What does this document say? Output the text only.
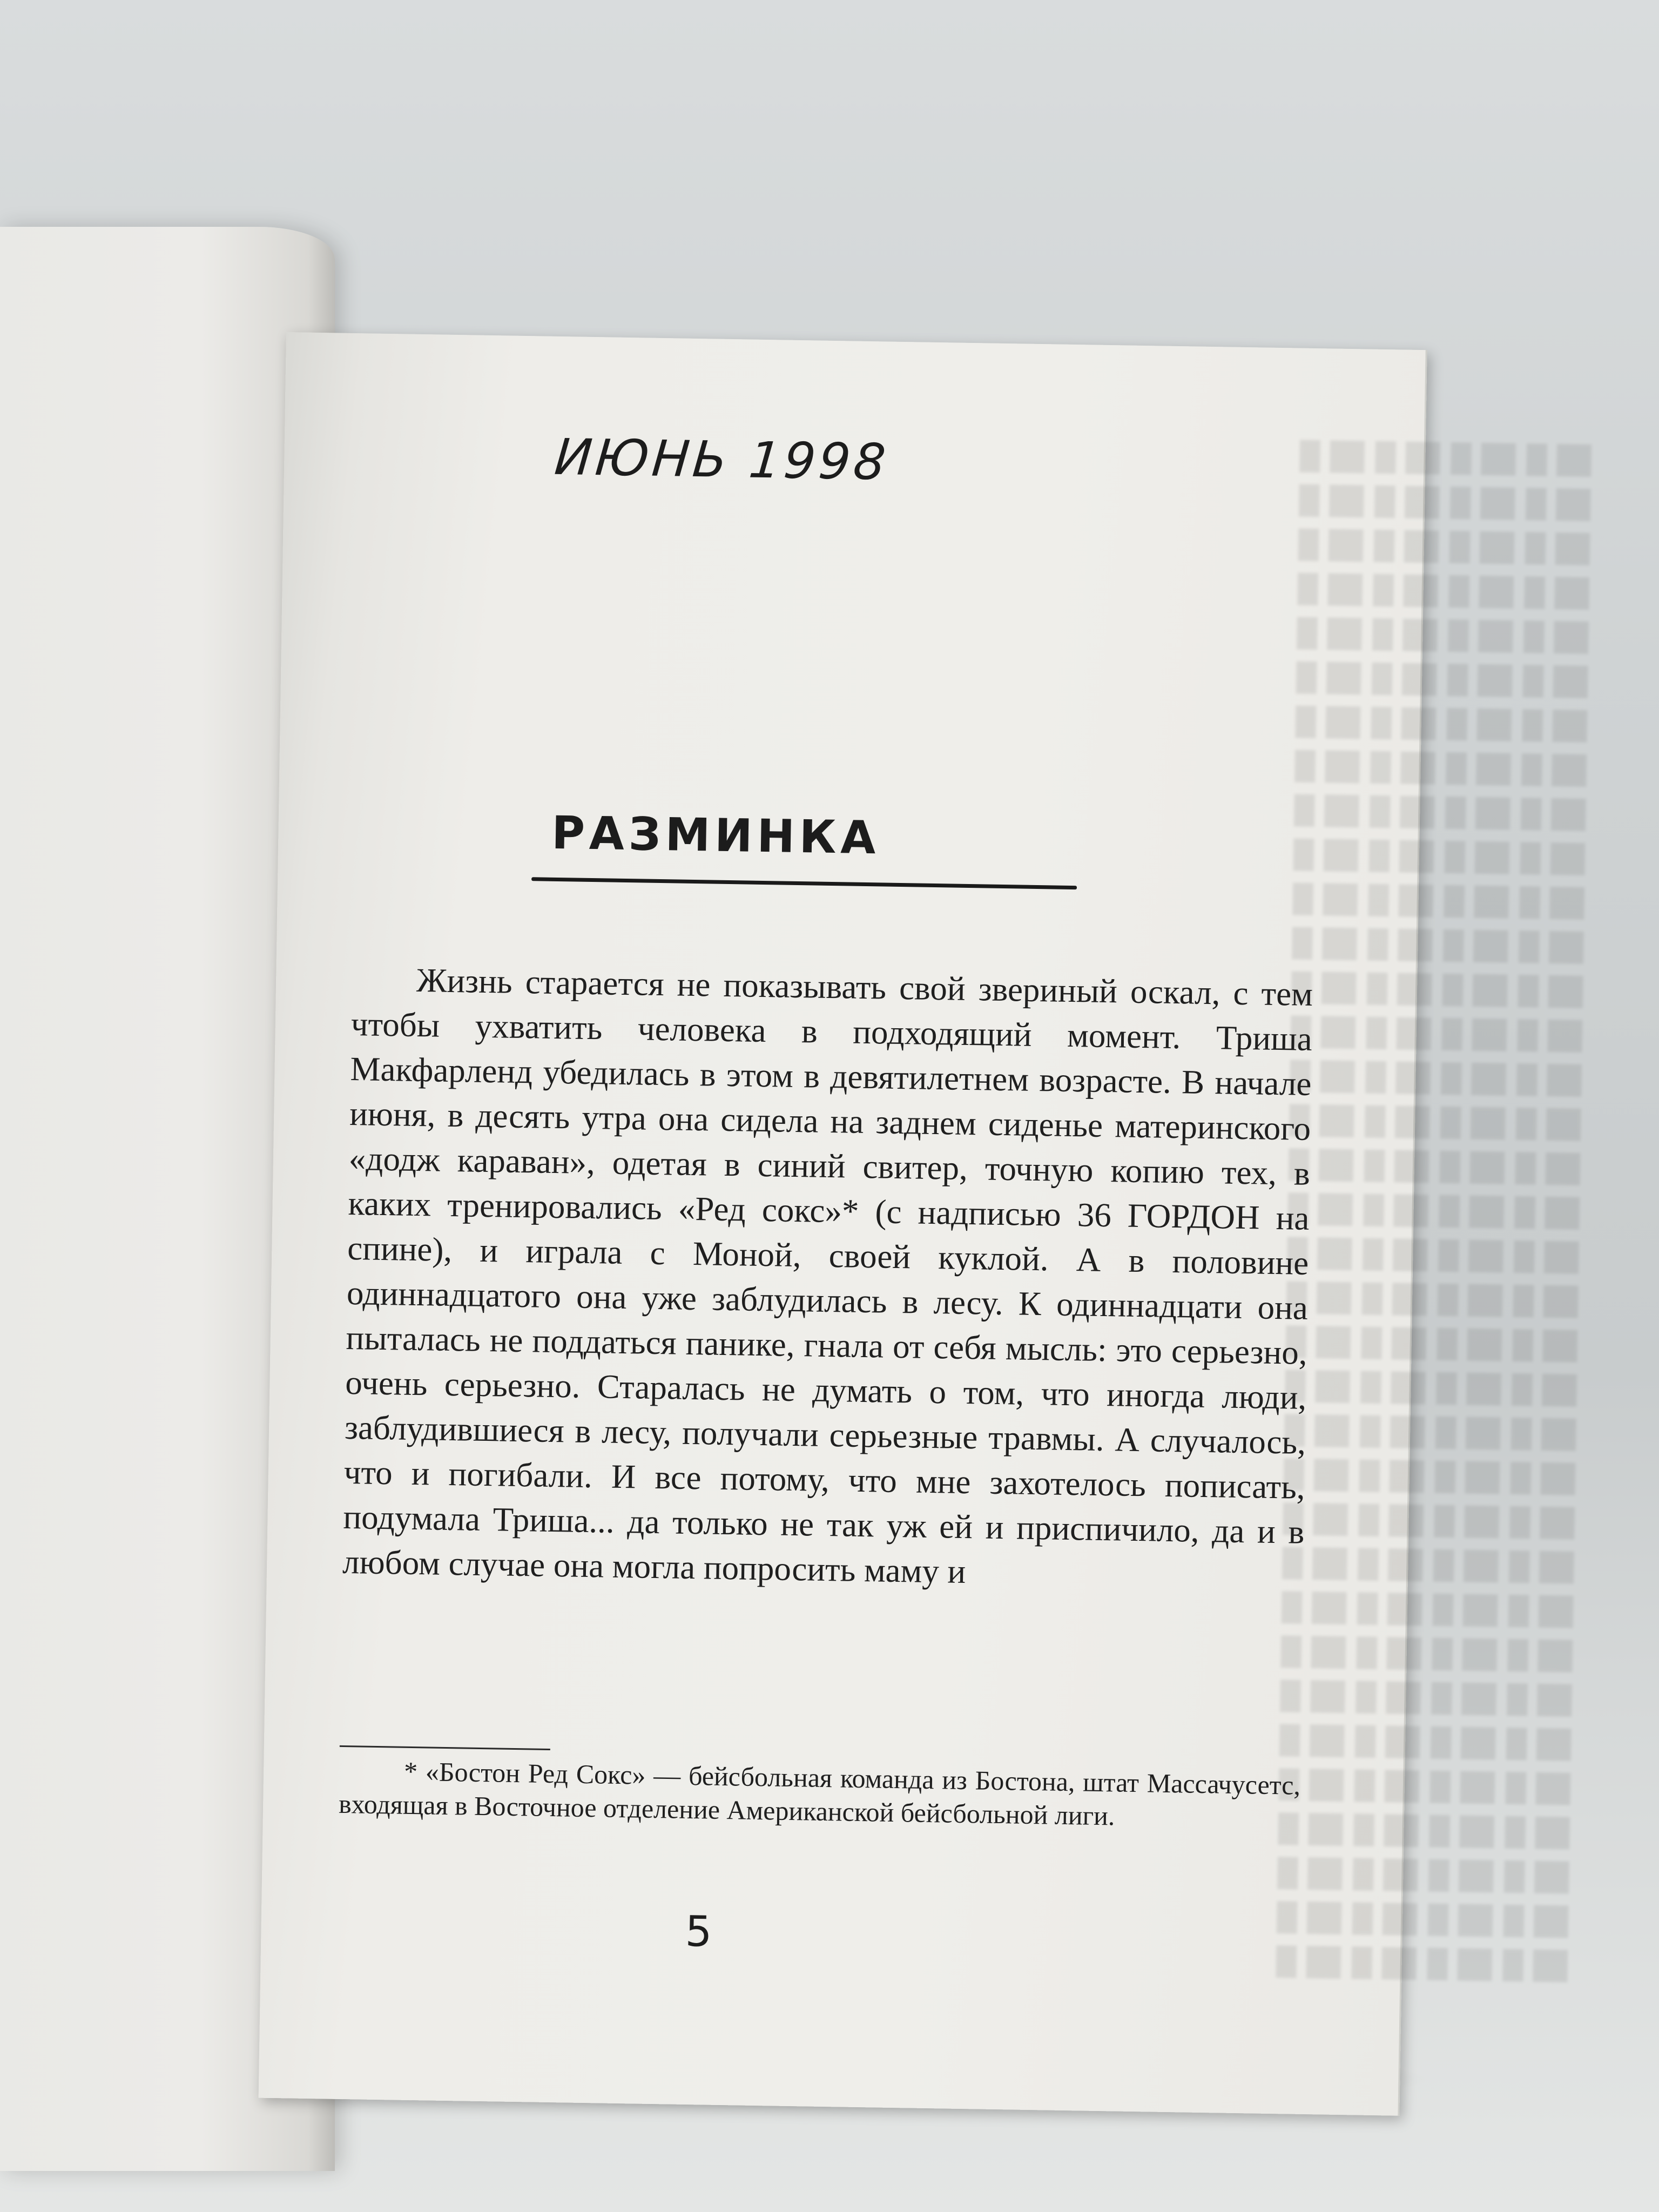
ИЮНЬ 1998
РАЗМИНКА

Жизнь старается не показывать свой звериный оскал, с тем чтобы ухватить человека в подходящий момент. Триша Макфарленд убедилась в этом в девятилетнем возрасте. В начале июня, в десять утра она сидела на заднем сиденье материнского «додж караван», одетая в синий свитер, точную копию тех, в каких тренировались «Ред сокс»* (с надписью 36 ГОРДОН на спине), и играла с Моной, своей куклой. А в половине одиннадцатого она уже заблудилась в лесу. К одиннадцати она пыталась не поддаться панике, гнала от себя мысль: это серьезно, очень серьезно. Старалась не думать о том, что иногда люди, заблудившиеся в лесу, получали серьезные травмы. А случалось, что и погибали. И все потому, что мне захотелось пописать, подумала Триша... да только не так уж ей и приспичило, да и в любом случае она могла попросить маму и

* «Бостон Ред Сокс» — бейсбольная команда из Бостона, штат Массачусетс, входящая в Восточное отделение Американской бейсбольной лиги.

5
